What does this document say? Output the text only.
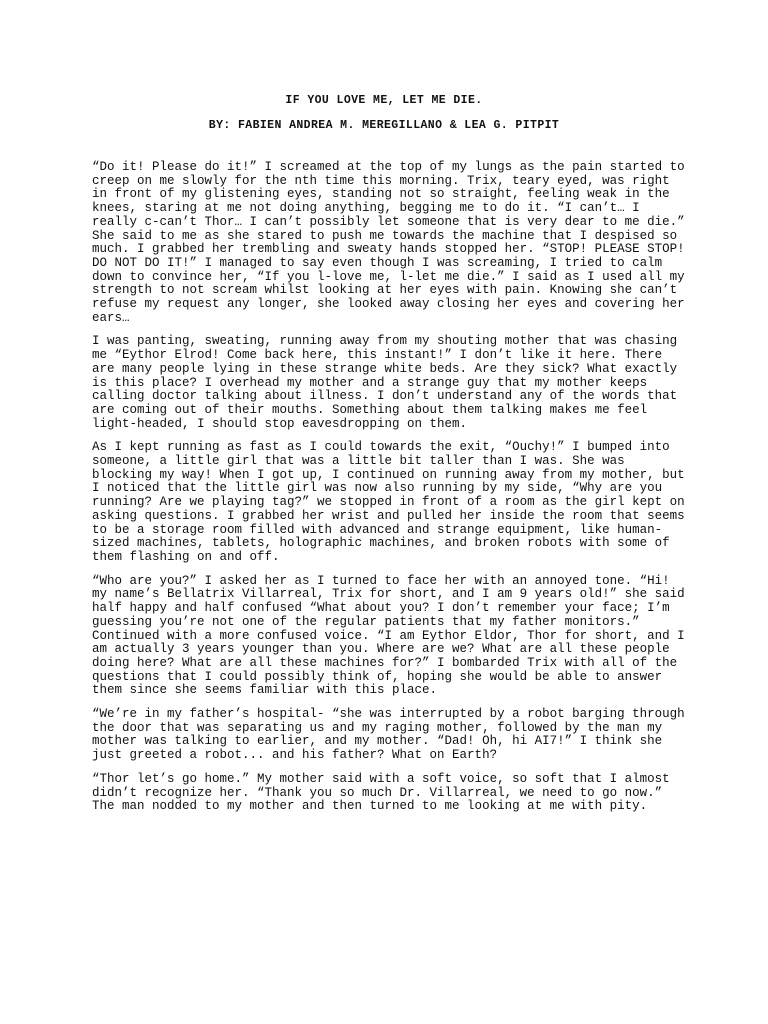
IF YOU LOVE ME, LET ME DIE.

BY: FABIEN ANDREA M. MEREGILLANO & LEA G. PITPIT

“Do it! Please do it!” I screamed at the top of my lungs as the pain started to creep on me slowly for the nth time this morning. Trix, teary eyed, was right in front of my glistening eyes, standing not so straight, feeling weak in the knees, staring at me not doing anything, begging me to do it. “I can’t… I really c-can’t Thor… I can’t possibly let someone that is very dear to me die.” She said to me as she stared to push me towards the machine that I despised so much. I grabbed her trembling and sweaty hands stopped her. “STOP! PLEASE STOP! DO NOT DO IT!” I managed to say even though I was screaming, I tried to calm down to convince her, “If you l-love me, l-let me die.” I said as I used all my strength to not scream whilst looking at her eyes with pain. Knowing she can’t refuse my request any longer, she looked away closing her eyes and covering her ears…

I was panting, sweating, running away from my shouting mother that was chasing me “Eythor Elrod! Come back here, this instant!” I don’t like it here. There are many people lying in these strange white beds. Are they sick? What exactly is this place? I overhead my mother and a strange guy that my mother keeps calling doctor talking about illness. I don’t understand any of the words that are coming out of their mouths. Something about them talking makes me feel light-headed, I should stop eavesdropping on them.

As I kept running as fast as I could towards the exit, “Ouchy!” I bumped into someone, a little girl that was a little bit taller than I was. She was blocking my way! When I got up, I continued on running away from my mother, but I noticed that the little girl was now also running by my side, “Why are you running? Are we playing tag?” we stopped in front of a room as the girl kept on asking questions. I grabbed her wrist and pulled her inside the room that seems to be a storage room filled with advanced and strange equipment, like human-sized machines, tablets, holographic machines, and broken robots with some of them flashing on and off.

“Who are you?” I asked her as I turned to face her with an annoyed tone. “Hi! my name’s Bellatrix Villarreal, Trix for short, and I am 9 years old!” she said half happy and half confused “What about you? I don’t remember your face; I’m guessing you’re not one of the regular patients that my father monitors.” Continued with a more confused voice. “I am Eythor Eldor, Thor for short, and I am actually 3 years younger than you. Where are we? What are all these people doing here? What are all these machines for?” I bombarded Trix with all of the questions that I could possibly think of, hoping she would be able to answer them since she seems familiar with this place.

“We’re in my father’s hospital- “she was interrupted by a robot barging through the door that was separating us and my raging mother, followed by the man my mother was talking to earlier, and my mother. “Dad! Oh, hi AI7!” I think she just greeted a robot... and his father? What on Earth?

“Thor let’s go home.” My mother said with a soft voice, so soft that I almost didn’t recognize her. “Thank you so much Dr. Villarreal, we need to go now.” The man nodded to my mother and then turned to me looking at me with pity.
